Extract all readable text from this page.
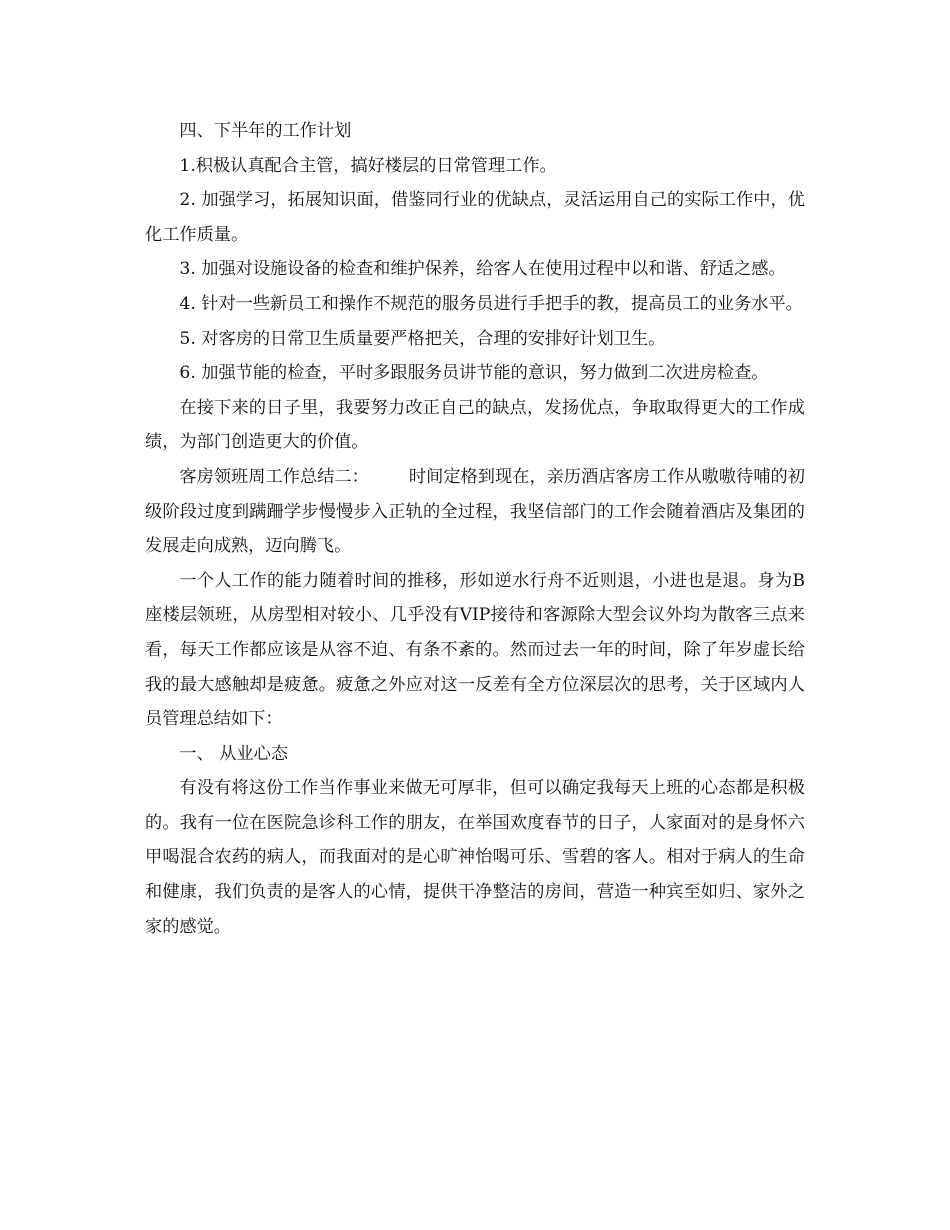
四、下半年的工作计划

1.积极认真配合主管，搞好楼层的日常管理工作。

2. 加强学习，拓展知识面，借鉴同行业的优缺点，灵活运用自己的实际工作中，优化工作质量。

3. 加强对设施设备的检查和维护保养，给客人在使用过程中以和谐、舒适之感。

4. 针对一些新员工和操作不规范的服务员进行手把手的教，提高员工的业务水平。

5. 对客房的日常卫生质量要严格把关，合理的安排好计划卫生。

6. 加强节能的检查，平时多跟服务员讲节能的意识，努力做到二次进房检查。

在接下来的日子里，我要努力改正自己的缺点，发扬优点，争取取得更大的工作成绩，为部门创造更大的价值。

客房领班周工作总结二： 时间定格到现在，亲历酒店客房工作从嗷嗷待哺的初级阶段过度到蹒跚学步慢慢步入正轨的全过程，我坚信部门的工作会随着酒店及集团的发展走向成熟，迈向腾飞。

一个人工作的能力随着时间的推移，形如逆水行舟不近则退，小进也是退。身为B座楼层领班，从房型相对较小、几乎没有VIP接待和客源除大型会议外均为散客三点来看，每天工作都应该是从容不迫、有条不紊的。然而过去一年的时间，除了年岁虚长给我的最大感触却是疲惫。疲惫之外应对这一反差有全方位深层次的思考，关于区域内人员管理总结如下：

一、 从业心态

有没有将这份工作当作事业来做无可厚非，但可以确定我每天上班的心态都是积极的。我有一位在医院急诊科工作的朋友，在举国欢度春节的日子，人家面对的是身怀六甲喝混合农药的病人，而我面对的是心旷神怡喝可乐、雪碧的客人。相对于病人的生命和健康，我们负责的是客人的心情，提供干净整洁的房间，营造一种宾至如归、家外之家的感觉。
